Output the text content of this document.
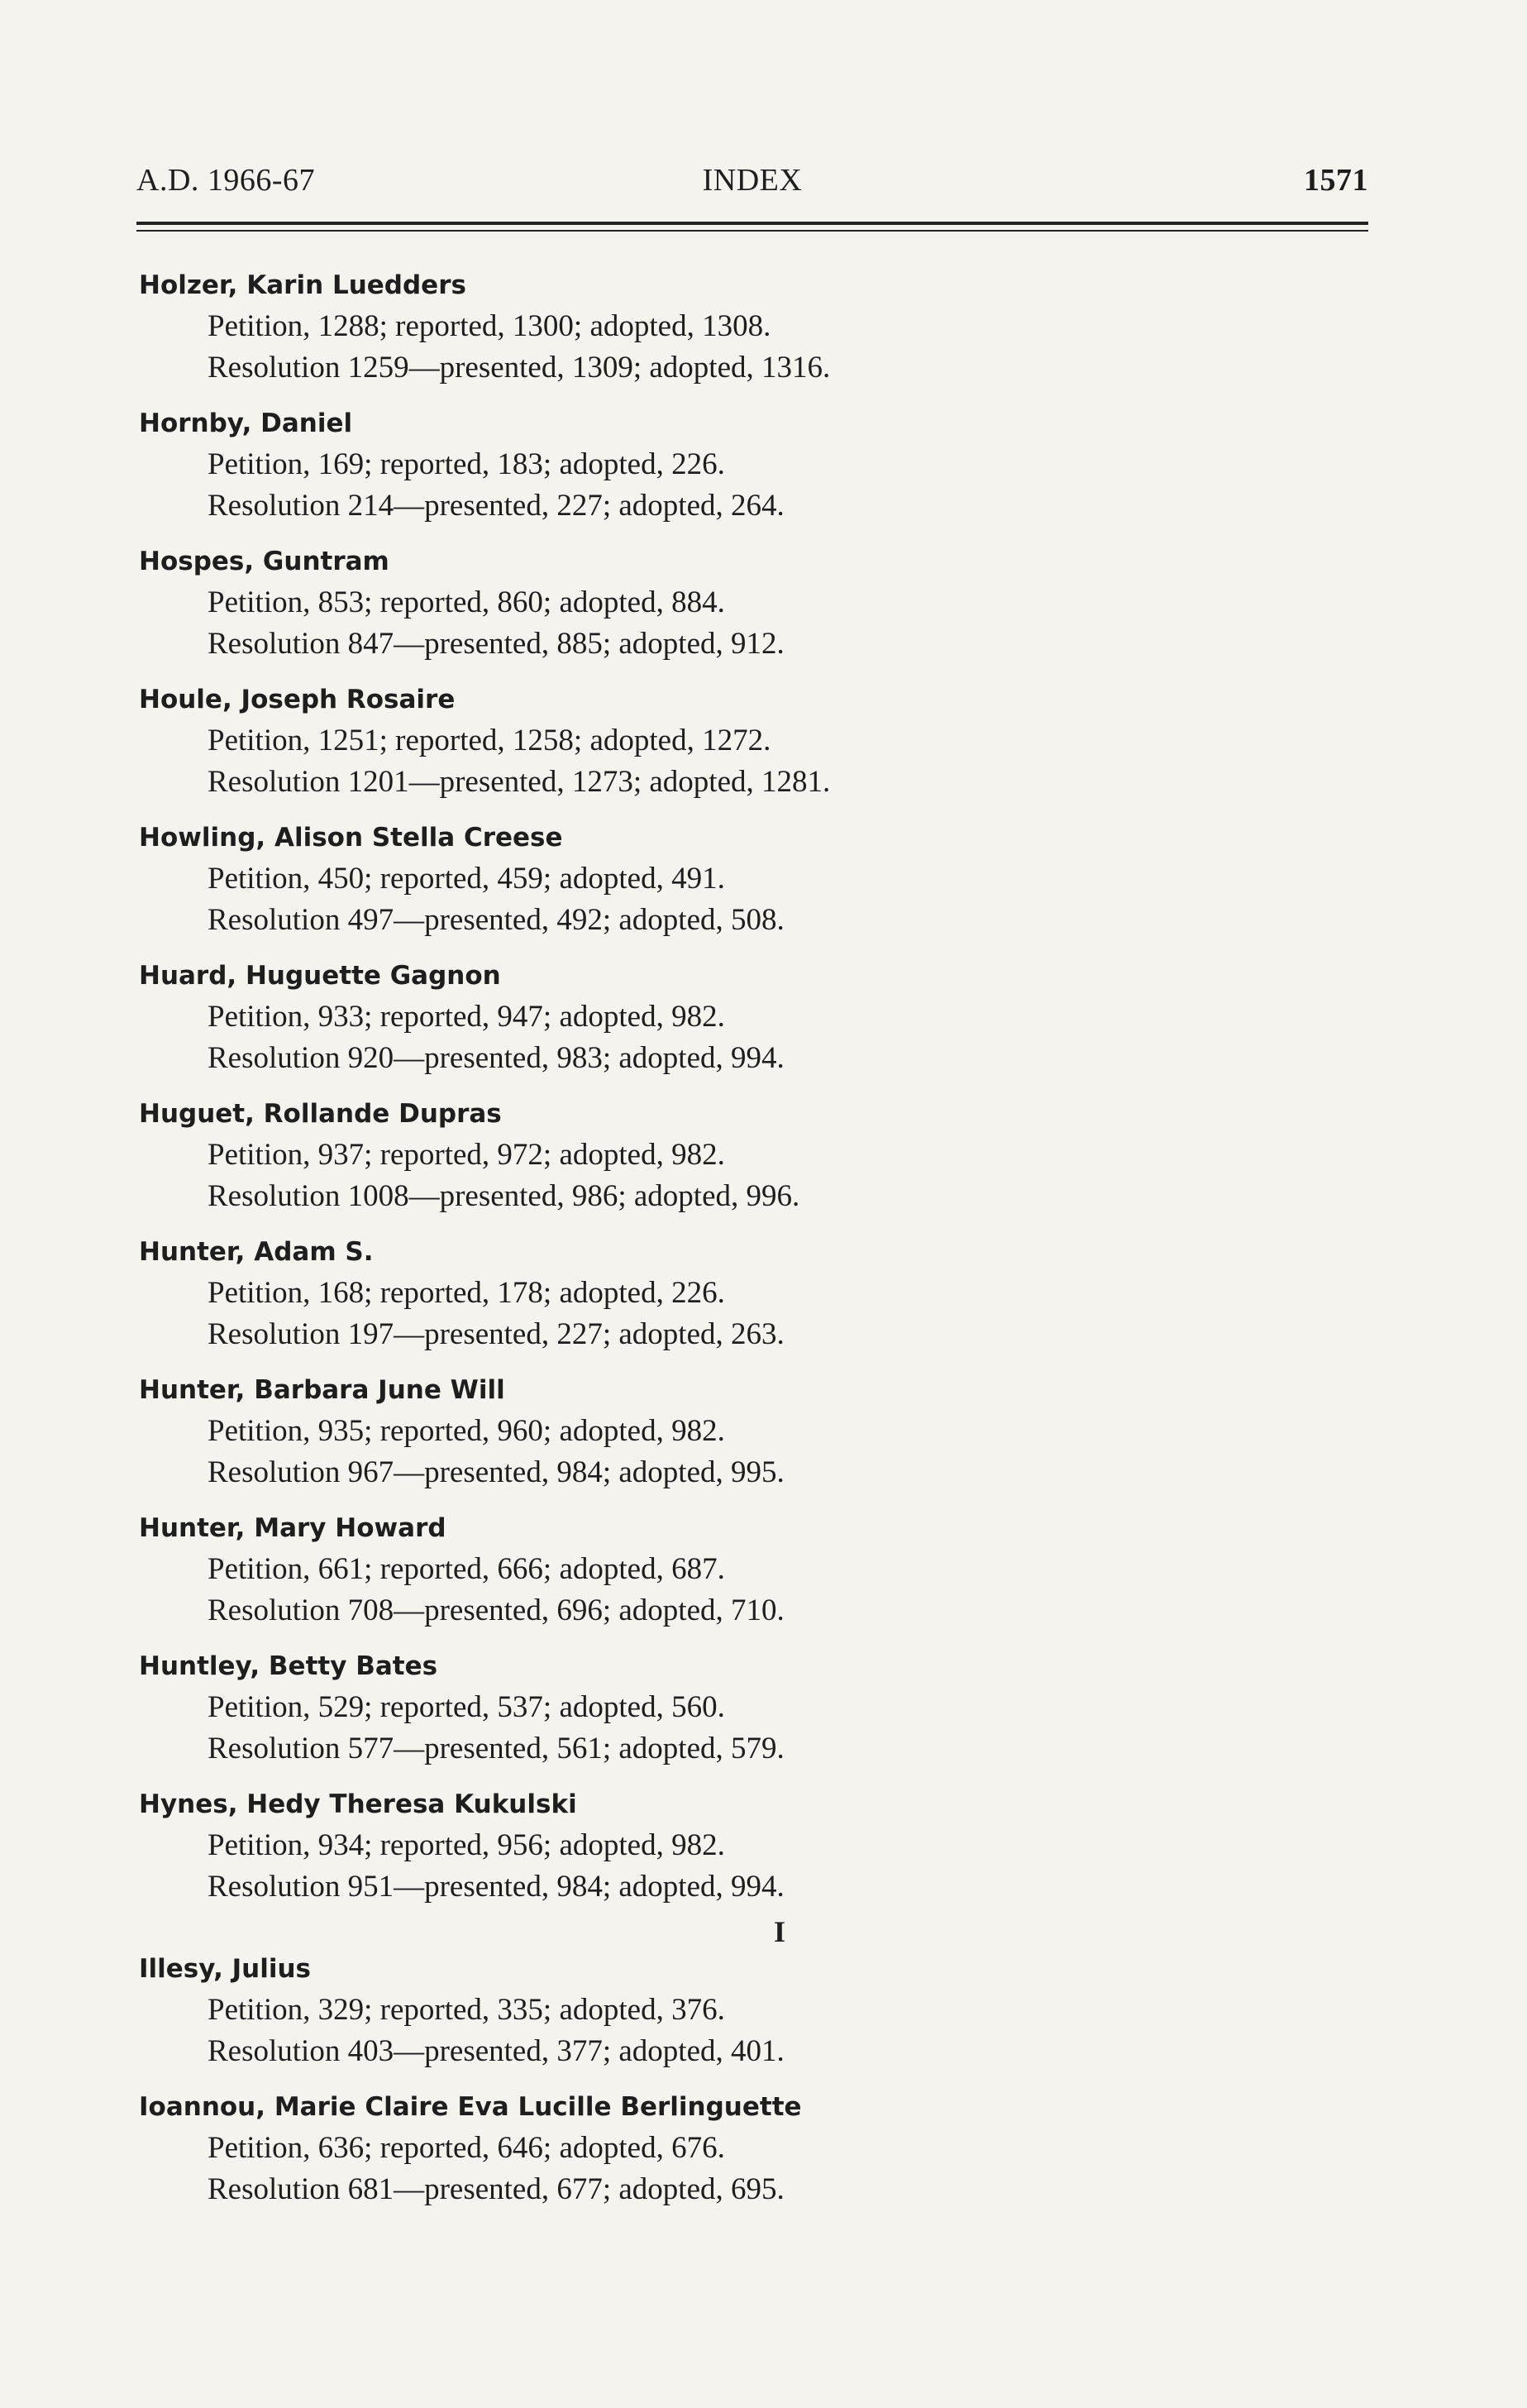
A.D. 1966-67	INDEX	1571
Holzer, Karin Luedders
Petition, 1288; reported, 1300; adopted, 1308.
Resolution 1259—presented, 1309; adopted, 1316.
Hornby, Daniel
Petition, 169; reported, 183; adopted, 226.
Resolution 214—presented, 227; adopted, 264.
Hospes, Guntram
Petition, 853; reported, 860; adopted, 884.
Resolution 847—presented, 885; adopted, 912.
Houle, Joseph Rosaire
Petition, 1251; reported, 1258; adopted, 1272.
Resolution 1201—presented, 1273; adopted, 1281.
Howling, Alison Stella Creese
Petition, 450; reported, 459; adopted, 491.
Resolution 497—presented, 492; adopted, 508.
Huard, Huguette Gagnon
Petition, 933; reported, 947; adopted, 982.
Resolution 920—presented, 983; adopted, 994.
Huguet, Rollande Dupras
Petition, 937; reported, 972; adopted, 982.
Resolution 1008—presented, 986; adopted, 996.
Hunter, Adam S.
Petition, 168; reported, 178; adopted, 226.
Resolution 197—presented, 227; adopted, 263.
Hunter, Barbara June Will
Petition, 935; reported, 960; adopted, 982.
Resolution 967—presented, 984; adopted, 995.
Hunter, Mary Howard
Petition, 661; reported, 666; adopted, 687.
Resolution 708—presented, 696; adopted, 710.
Huntley, Betty Bates
Petition, 529; reported, 537; adopted, 560.
Resolution 577—presented, 561; adopted, 579.
Hynes, Hedy Theresa Kukulski
Petition, 934; reported, 956; adopted, 982.
Resolution 951—presented, 984; adopted, 994.
I
Illesy, Julius
Petition, 329; reported, 335; adopted, 376.
Resolution 403—presented, 377; adopted, 401.
Ioannou, Marie Claire Eva Lucille Berlinguette
Petition, 636; reported, 646; adopted, 676.
Resolution 681—presented, 677; adopted, 695.
